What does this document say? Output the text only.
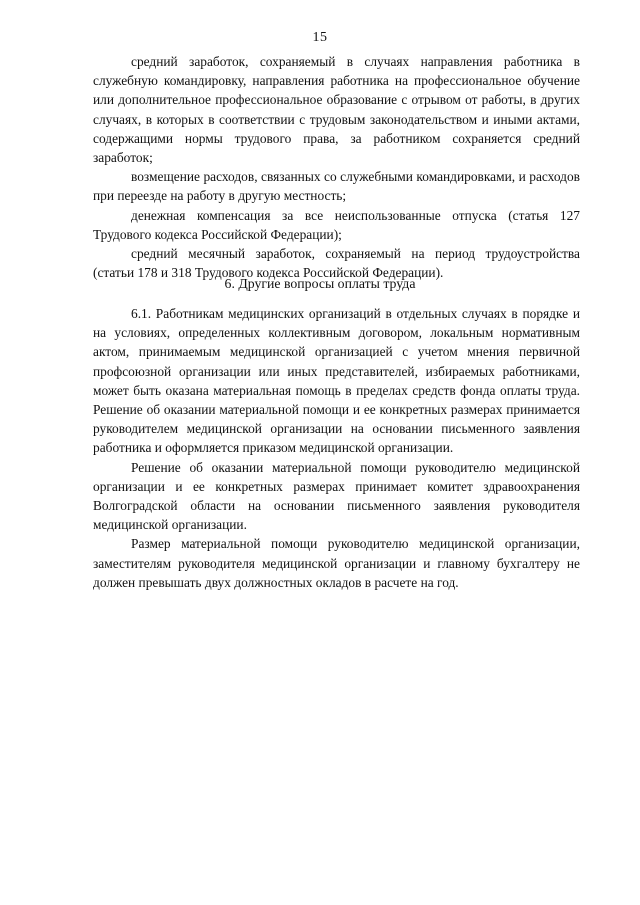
15

средний заработок, сохраняемый в случаях направления работника в служебную командировку, направления работника на профессиональное обучение или дополнительное профессиональное образование с отрывом от работы, в других случаях, в которых в соответствии с трудовым законодательством и иными актами, содержащими нормы трудового права, за работником сохраняется средний заработок;

возмещение расходов, связанных со служебными командировками, и расходов при переезде на работу в другую местность;

денежная компенсация за все неиспользованные отпуска (статья 127 Трудового кодекса Российской Федерации);

средний месячный заработок, сохраняемый на период трудоустройства (статьи 178 и 318 Трудового кодекса Российской Федерации).

6. Другие вопросы оплаты труда

6.1. Работникам медицинских организаций в отдельных случаях в порядке и на условиях, определенных коллективным договором, локальным нормативным актом, принимаемым медицинской организацией с учетом мнения первичной профсоюзной организации или иных представителей, избираемых работниками, может быть оказана материальная помощь в пределах средств фонда оплаты труда. Решение об оказании материальной помощи и ее конкретных размерах принимается руководителем медицинской организации на основании письменного заявления работника и оформляется приказом медицинской организации.

Решение об оказании материальной помощи руководителю медицинской организации и ее конкретных размерах принимает комитет здравоохранения Волгоградской области на основании письменного заявления руководителя медицинской организации.

Размер материальной помощи руководителю медицинской организации, заместителям руководителя медицинской организации и главному бухгалтеру не должен превышать двух должностных окладов в расчете на год.
